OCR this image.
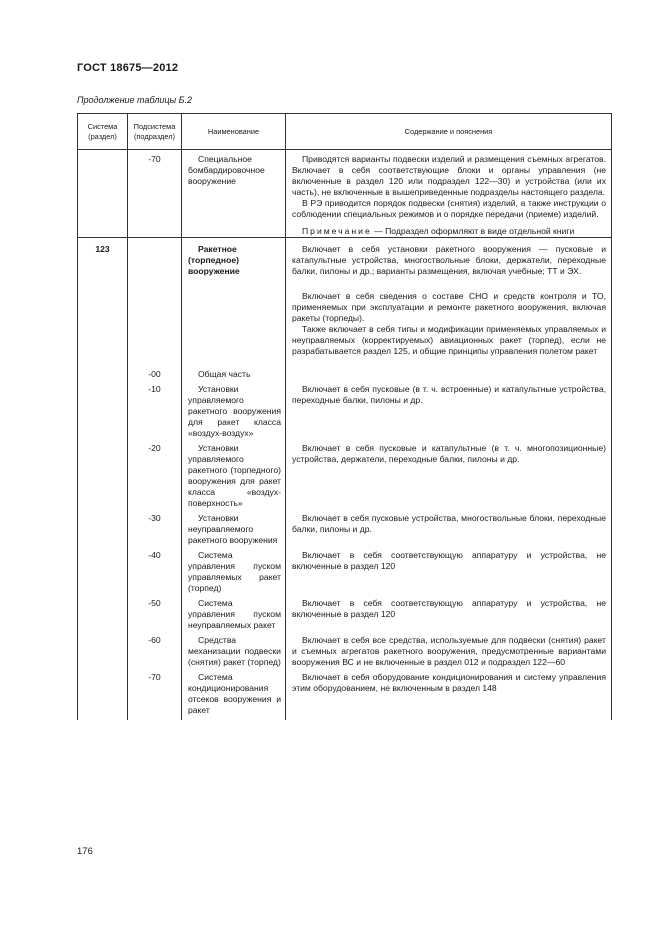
ГОСТ 18675—2012
Продолжение таблицы Б.2
Система (раздел)	Подсистема (подраздел)	Наименование	Содержание и пояснения
	-70	Специальное бомбардировочное вооружение	Приводятся варианты подвески изделий и размещения съемных агрегатов. Включает в себя соответствующие блоки и органы управления (не включенные в раздел 120 или подраздел 122—30) и устройства (или их часть), не включенные в вышеприведенные подразделы настоящего раздела.

В РЭ приводится порядок подвески (снятия) изделий, а также инструкции о соблюдении специальных режимов и о порядке передачи (приеме) изделий.

Примечание — Подраздел оформляют в виде отдельной книги

123		Ракетное (торпедное) вооружение	Включает в себя установки ракетного вооружения — пусковые и катапультные устройства, многоствольные блоки, держатели, переходные балки, пилоны и др.; варианты размещения, включая учебные; ТТ и ЭХ.

Включает в себя сведения о составе СНО и средств контроля и ТО, применяемых при эксплуатации и ремонте ракетного вооружения, включая ракеты (торпеды).

Также включает в себя типы и модификации применяемых управляемых и неуправляемых (корректируемых) авиационных ракет (торпед), если не разрабатывается раздел 125, и общие принципы управления полетом ракет

	-00	Общая часть	

	-10	Установки управляемого ракетного вооружения для ракет класса «воздух-воздух»	Включает в себя пусковые (в т. ч. встроенные) и катапультные устройства, переходные балки, пилоны и др.

	-20	Установки управляемого ракетного (торпедного) вооружения для ракет класса «воздух-поверхность»	Включает в себя пусковые и катапультные (в т. ч. многопозиционные) устройства, держатели, переходные балки, пилоны и др.

	-30	Установки неуправляемого ракетного вооружения	Включает в себя пусковые устройства, многоствольные блоки, переходные балки, пилоны и др.

	-40	Система управления пуском управляемых ракет (торпед)	Включает в себя соответствующую аппаратуру и устройства, не включенные в раздел 120

	-50	Система управления пуском неуправляемых ракет	Включает в себя соответствующую аппаратуру и устройства, не включенные в раздел 120

	-60	Средства механизации подвески (снятия) ракет (торпед)	Включает в себя все средства, используемые для подвески (снятия) ракет и съемных агрегатов ракетного вооружения, предусмотренные вариантами вооружения ВС и не включенные в раздел 012 и подраздел 122—60

	-70	Система кондиционирования отсеков вооружения и ракет	Включает в себя оборудование кондиционирования и систему управления этим оборудованием, не включенным в раздел 148

176
